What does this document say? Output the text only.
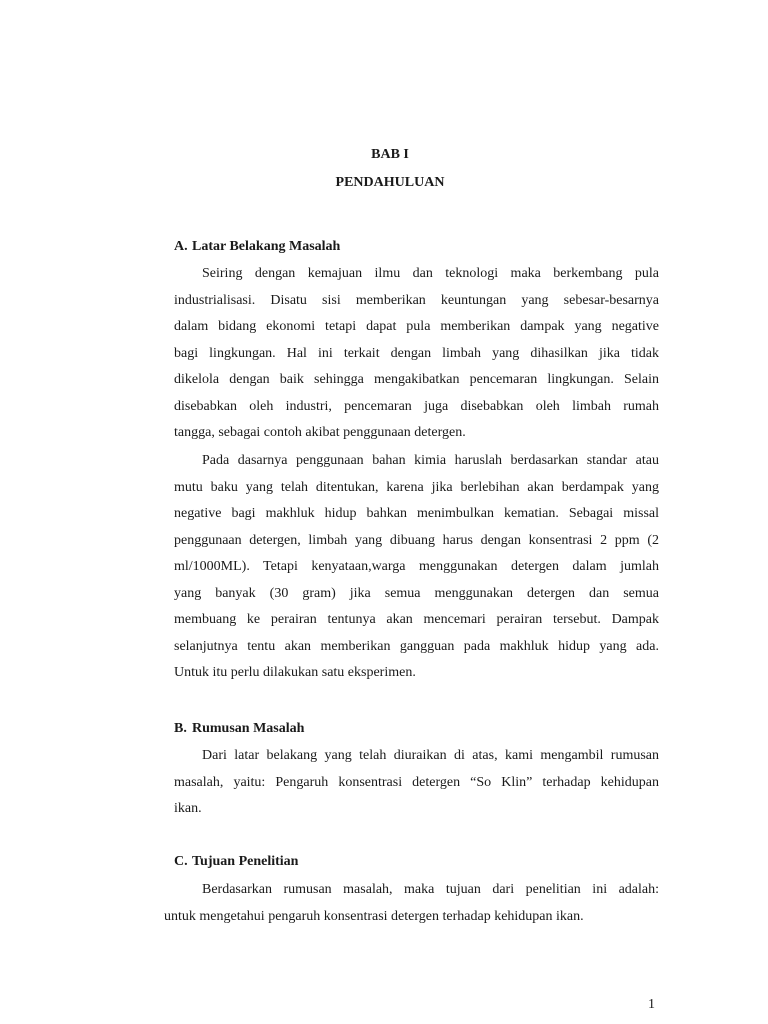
BAB I

PENDAHULUAN

A. Latar Belakang Masalah

Seiring dengan kemajuan ilmu dan teknologi maka berkembang pula
industrialisasi. Disatu sisi memberikan keuntungan yang sebesar-besarnya
dalam bidang ekonomi tetapi dapat pula memberikan dampak yang negative
bagi lingkungan. Hal ini terkait dengan limbah yang dihasilkan jika tidak
dikelola dengan baik sehingga mengakibatkan pencemaran lingkungan. Selain
disebabkan oleh industri, pencemaran juga disebabkan oleh limbah rumah
tangga, sebagai contoh akibat penggunaan detergen.
Pada dasarnya penggunaan bahan kimia haruslah berdasarkan standar atau
mutu baku yang telah ditentukan, karena jika berlebihan akan berdampak yang
negative bagi makhluk hidup bahkan menimbulkan kematian. Sebagai missal
penggunaan detergen, limbah yang dibuang harus dengan konsentrasi 2 ppm (2
ml/1000ML). Tetapi kenyataan,warga menggunakan detergen dalam jumlah
yang banyak (30 gram) jika semua menggunakan detergen dan semua
membuang ke perairan tentunya akan mencemari perairan tersebut. Dampak
selanjutnya tentu akan memberikan gangguan pada makhluk hidup yang ada.
Untuk itu perlu dilakukan satu eksperimen.

B. Rumusan Masalah

Dari latar belakang yang telah diuraikan di atas, kami mengambil rumusan
masalah, yaitu: Pengaruh konsentrasi detergen “So Klin” terhadap kehidupan
ikan.

C. Tujuan Penelitian

Berdasarkan rumusan masalah, maka tujuan dari penelitian ini adalah:
untuk mengetahui pengaruh konsentrasi detergen terhadap kehidupan ikan.

1
